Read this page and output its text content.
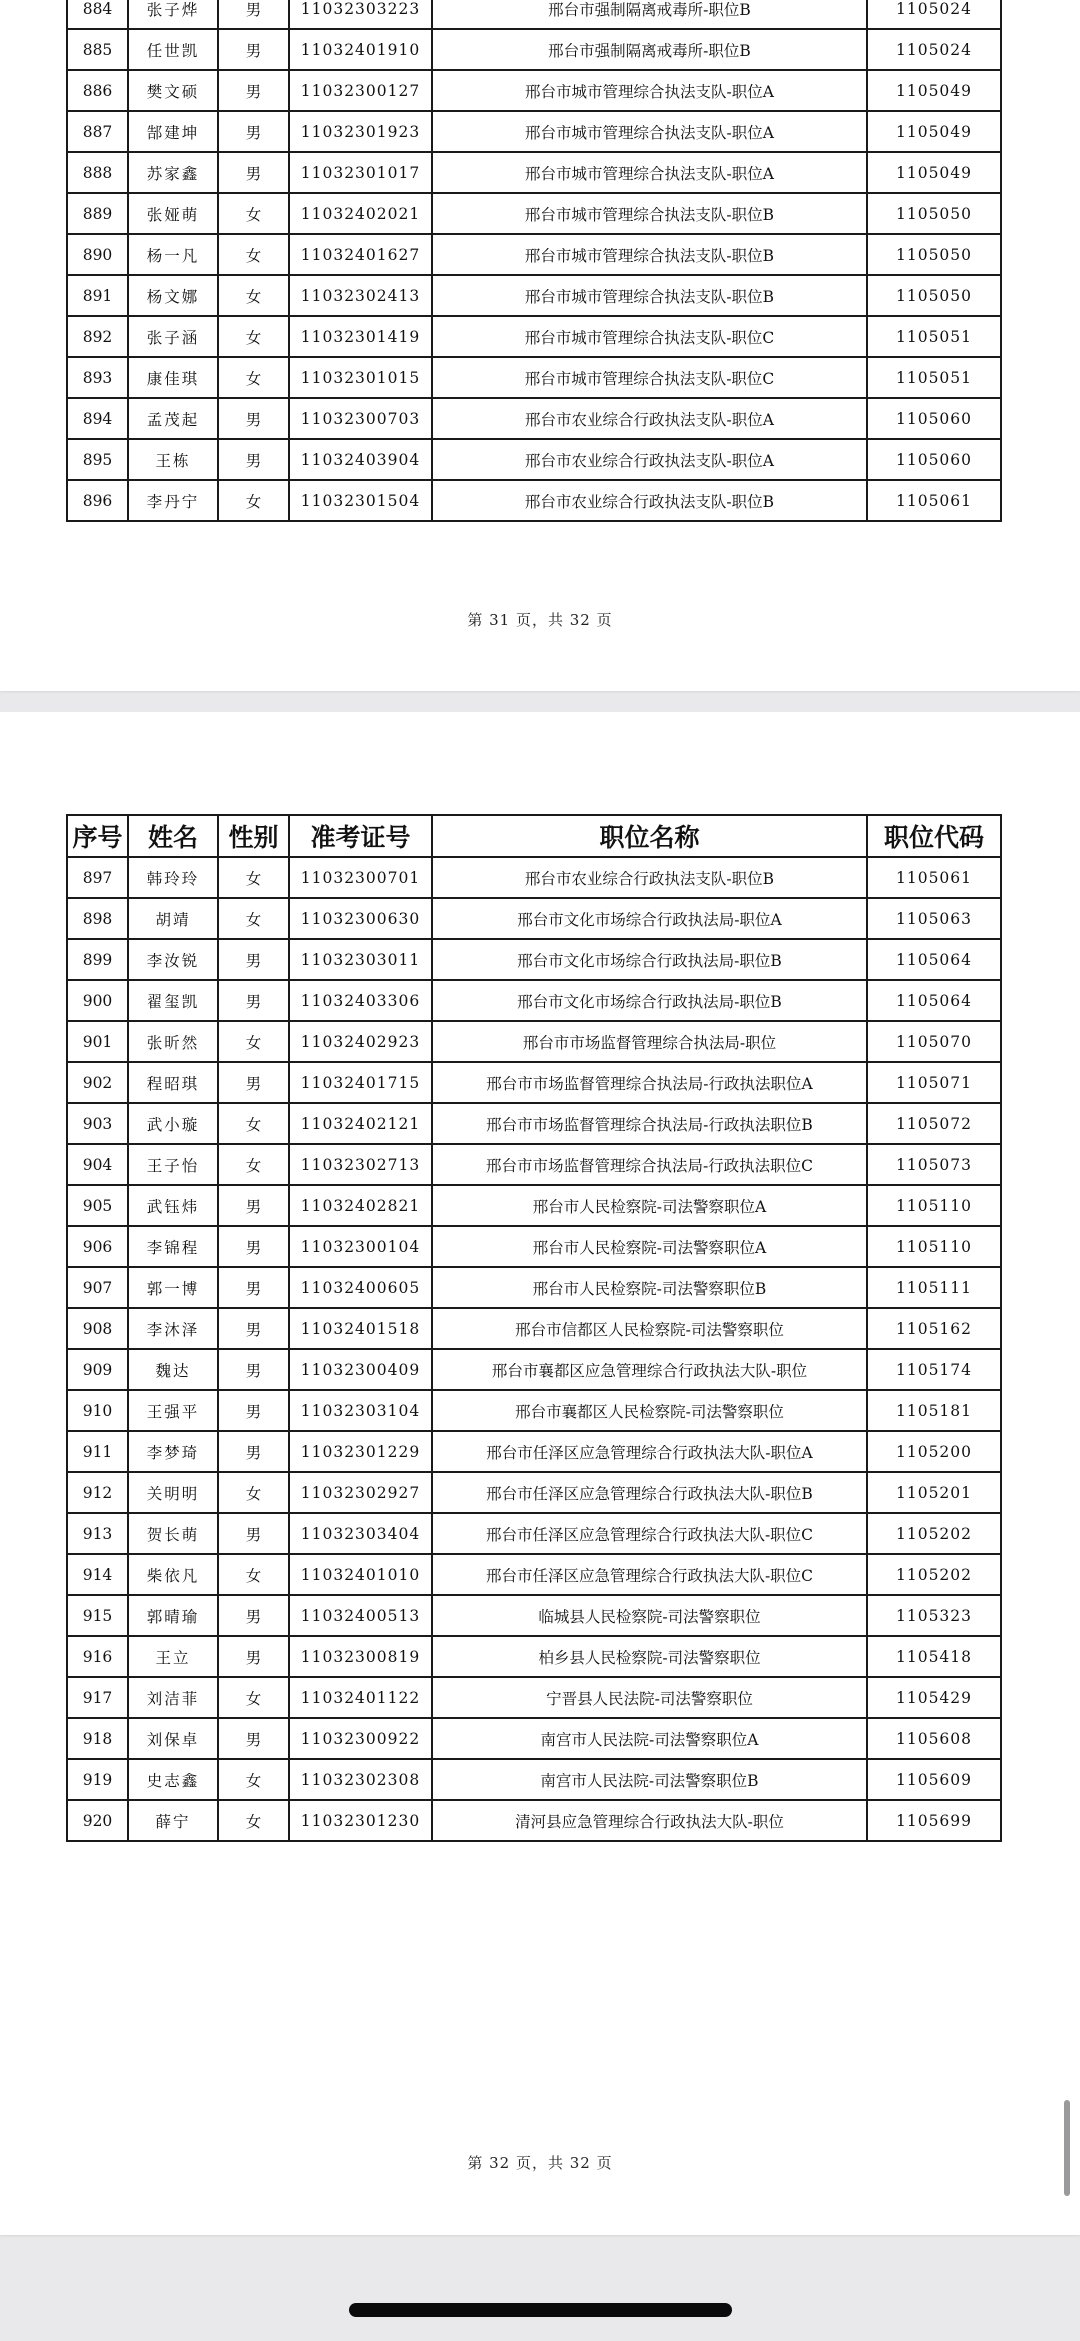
884	张子烨	男	11032303223	邢台市强制隔离戒毒所-职位B	1105024
885	任世凯	男	11032401910	邢台市强制隔离戒毒所-职位B	1105024
886	樊文硕	男	11032300127	邢台市城市管理综合执法支队-职位A	1105049
887	郜建坤	男	11032301923	邢台市城市管理综合执法支队-职位A	1105049
888	苏家鑫	男	11032301017	邢台市城市管理综合执法支队-职位A	1105049
889	张娅萌	女	11032402021	邢台市城市管理综合执法支队-职位B	1105050
890	杨一凡	女	11032401627	邢台市城市管理综合执法支队-职位B	1105050
891	杨文娜	女	11032302413	邢台市城市管理综合执法支队-职位B	1105050
892	张子涵	女	11032301419	邢台市城市管理综合执法支队-职位C	1105051
893	康佳琪	女	11032301015	邢台市城市管理综合执法支队-职位C	1105051
894	孟茂起	男	11032300703	邢台市农业综合行政执法支队-职位A	1105060
895	王栋	男	11032403904	邢台市农业综合行政执法支队-职位A	1105060
896	李丹宁	女	11032301504	邢台市农业综合行政执法支队-职位B	1105061
第 31 页，共 32 页
序号	姓名	性别	准考证号	职位名称	职位代码
897	韩玲玲	女	11032300701	邢台市农业综合行政执法支队-职位B	1105061
898	胡靖	女	11032300630	邢台市文化市场综合行政执法局-职位A	1105063
899	李汝锐	男	11032303011	邢台市文化市场综合行政执法局-职位B	1105064
900	翟玺凯	男	11032403306	邢台市文化市场综合行政执法局-职位B	1105064
901	张昕然	女	11032402923	邢台市市场监督管理综合执法局-职位	1105070
902	程昭琪	男	11032401715	邢台市市场监督管理综合执法局-行政执法职位A	1105071
903	武小璇	女	11032402121	邢台市市场监督管理综合执法局-行政执法职位B	1105072
904	王子怡	女	11032302713	邢台市市场监督管理综合执法局-行政执法职位C	1105073
905	武钰炜	男	11032402821	邢台市人民检察院-司法警察职位A	1105110
906	李锦程	男	11032300104	邢台市人民检察院-司法警察职位A	1105110
907	郭一博	男	11032400605	邢台市人民检察院-司法警察职位B	1105111
908	李沐泽	男	11032401518	邢台市信都区人民检察院-司法警察职位	1105162
909	魏达	男	11032300409	邢台市襄都区应急管理综合行政执法大队-职位	1105174
910	王强平	男	11032303104	邢台市襄都区人民检察院-司法警察职位	1105181
911	李梦琦	男	11032301229	邢台市任泽区应急管理综合行政执法大队-职位A	1105200
912	关明明	女	11032302927	邢台市任泽区应急管理综合行政执法大队-职位B	1105201
913	贺长萌	男	11032303404	邢台市任泽区应急管理综合行政执法大队-职位C	1105202
914	柴依凡	女	11032401010	邢台市任泽区应急管理综合行政执法大队-职位C	1105202
915	郭晴瑜	男	11032400513	临城县人民检察院-司法警察职位	1105323
916	王立	男	11032300819	柏乡县人民检察院-司法警察职位	1105418
917	刘洁菲	女	11032401122	宁晋县人民法院-司法警察职位	1105429
918	刘保卓	男	11032300922	南宫市人民法院-司法警察职位A	1105608
919	史志鑫	女	11032302308	南宫市人民法院-司法警察职位B	1105609
920	薛宁	女	11032301230	清河县应急管理综合行政执法大队-职位	1105699
第 32 页，共 32 页
